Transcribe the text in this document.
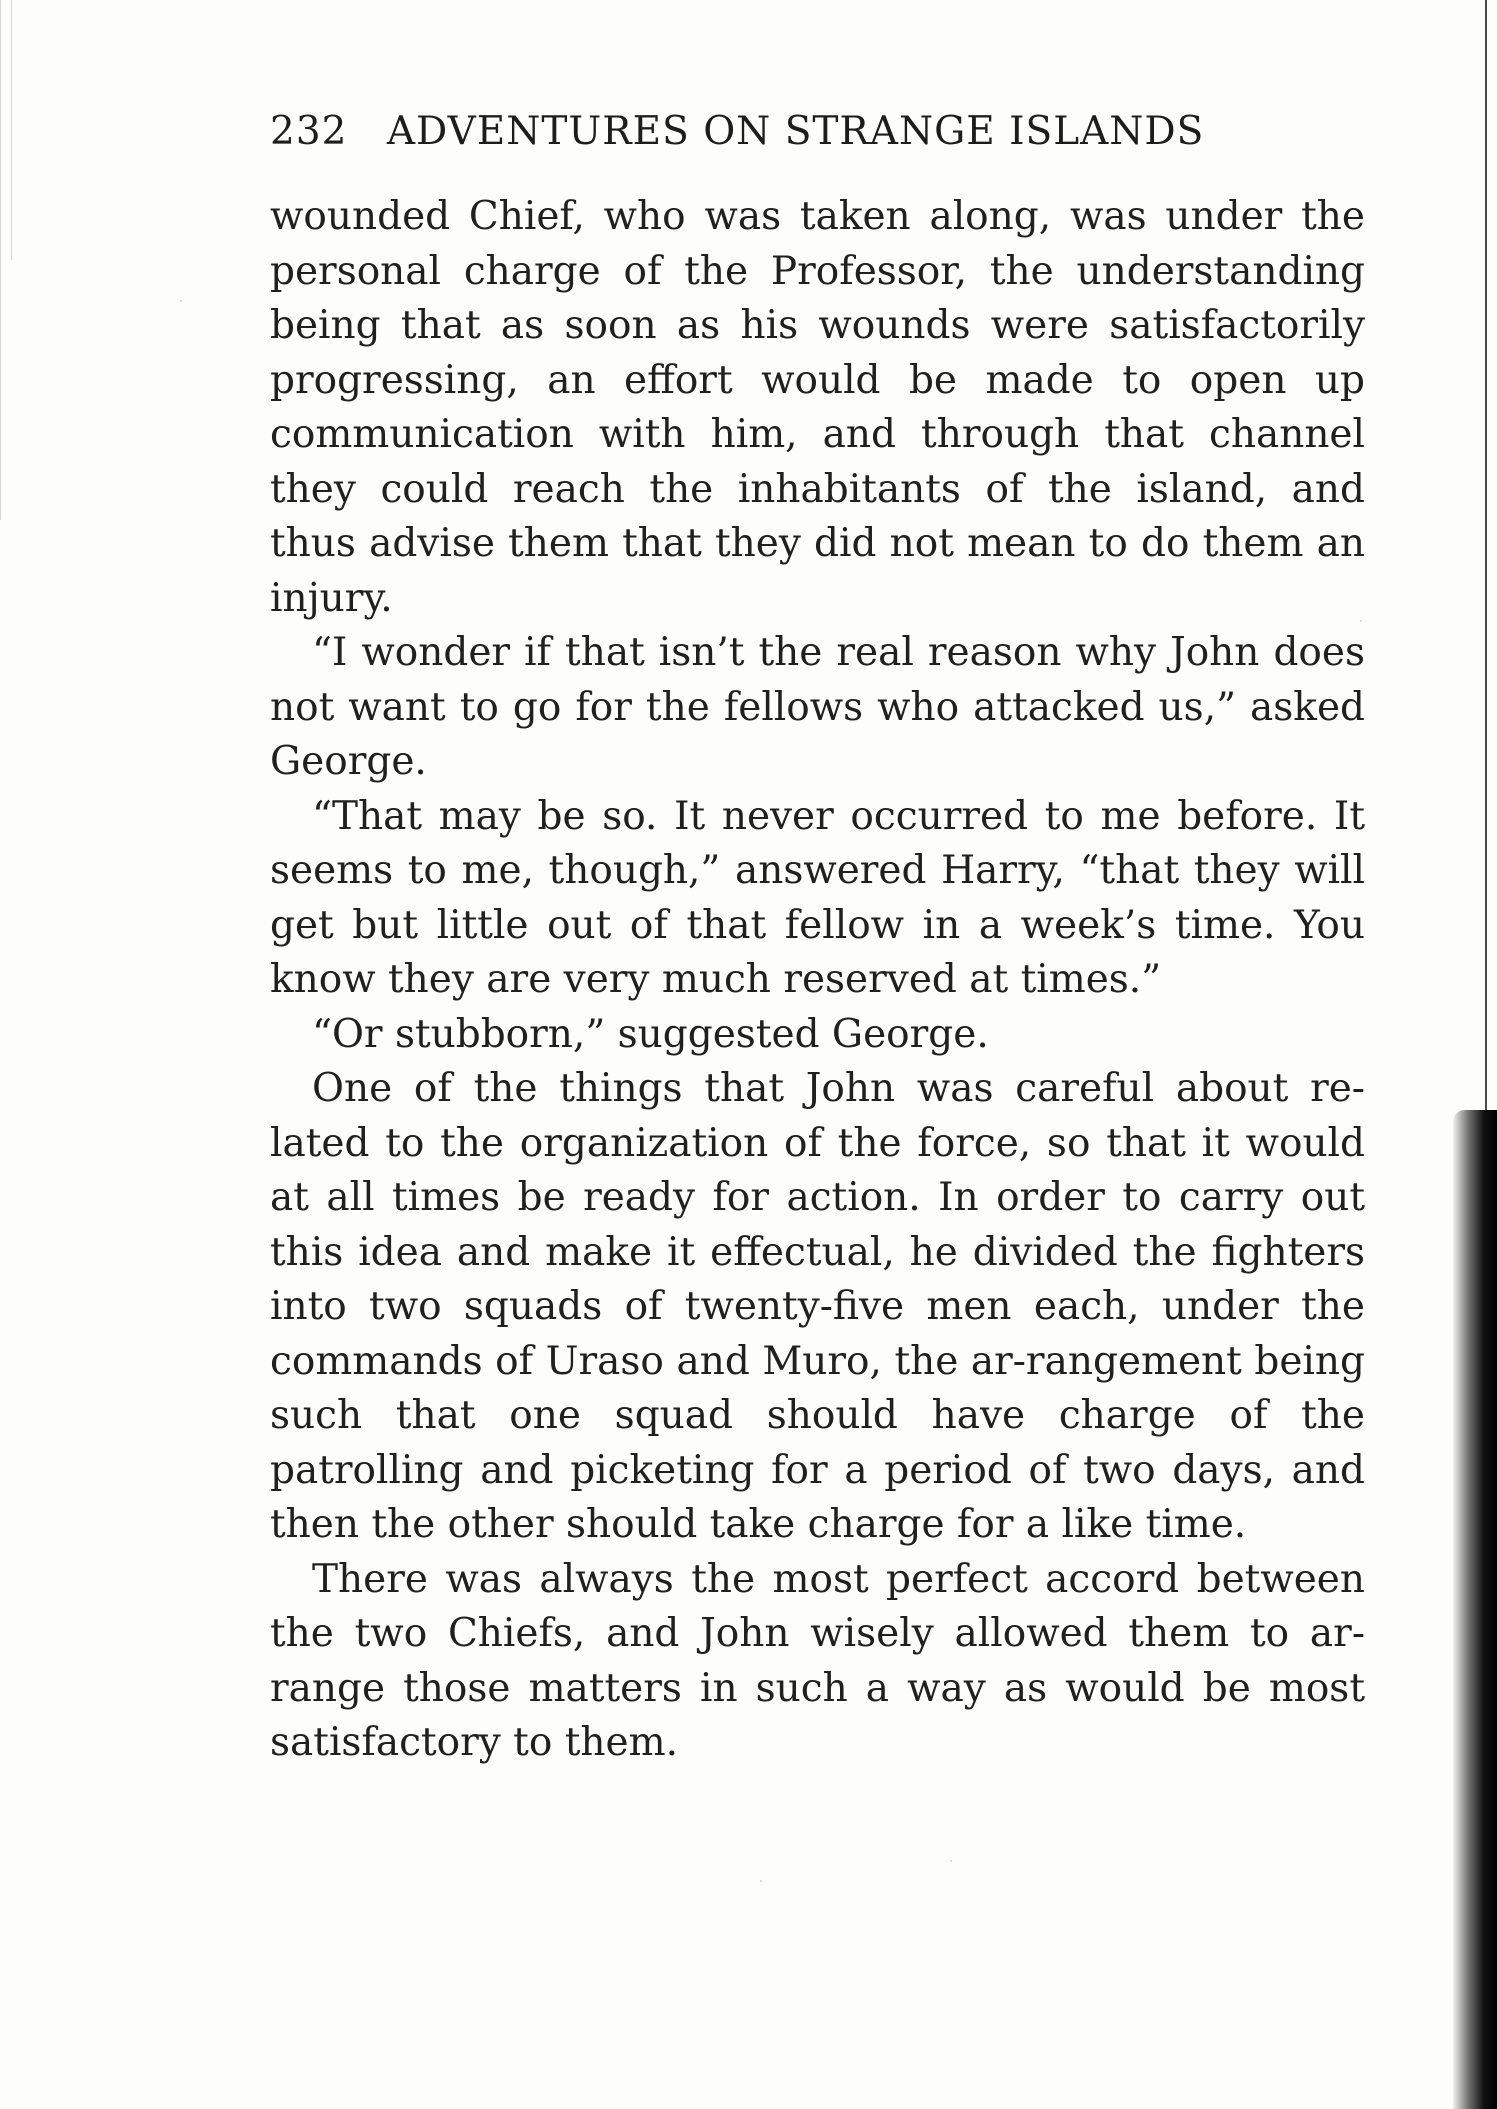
232 ADVENTURES ON STRANGE ISLANDS

wounded Chief, who was taken along, was under the personal charge of the Professor, the understanding being that as soon as his wounds were satisfactorily progressing, an effort would be made to open up communication with him, and through that channel they could reach the inhabitants of the island, and thus advise them that they did not mean to do them an injury.

“I wonder if that isn’t the real reason why John does not want to go for the fellows who attacked us,” asked George.

“That may be so. It never occurred to me before. It seems to me, though,” answered Harry, “that they will get but little out of that fellow in a week’s time. You know they are very much reserved at times.”

“Or stubborn,” suggested George.

One of the things that John was careful about re-lated to the organization of the force, so that it would at all times be ready for action. In order to carry out this idea and make it effectual, he divided the fighters into two squads of twenty-five men each, under the commands of Uraso and Muro, the ar-rangement being such that one squad should have charge of the patrolling and picketing for a period of two days, and then the other should take charge for a like time.

There was always the most perfect accord between the two Chiefs, and John wisely allowed them to ar-range those matters in such a way as would be most satisfactory to them.
